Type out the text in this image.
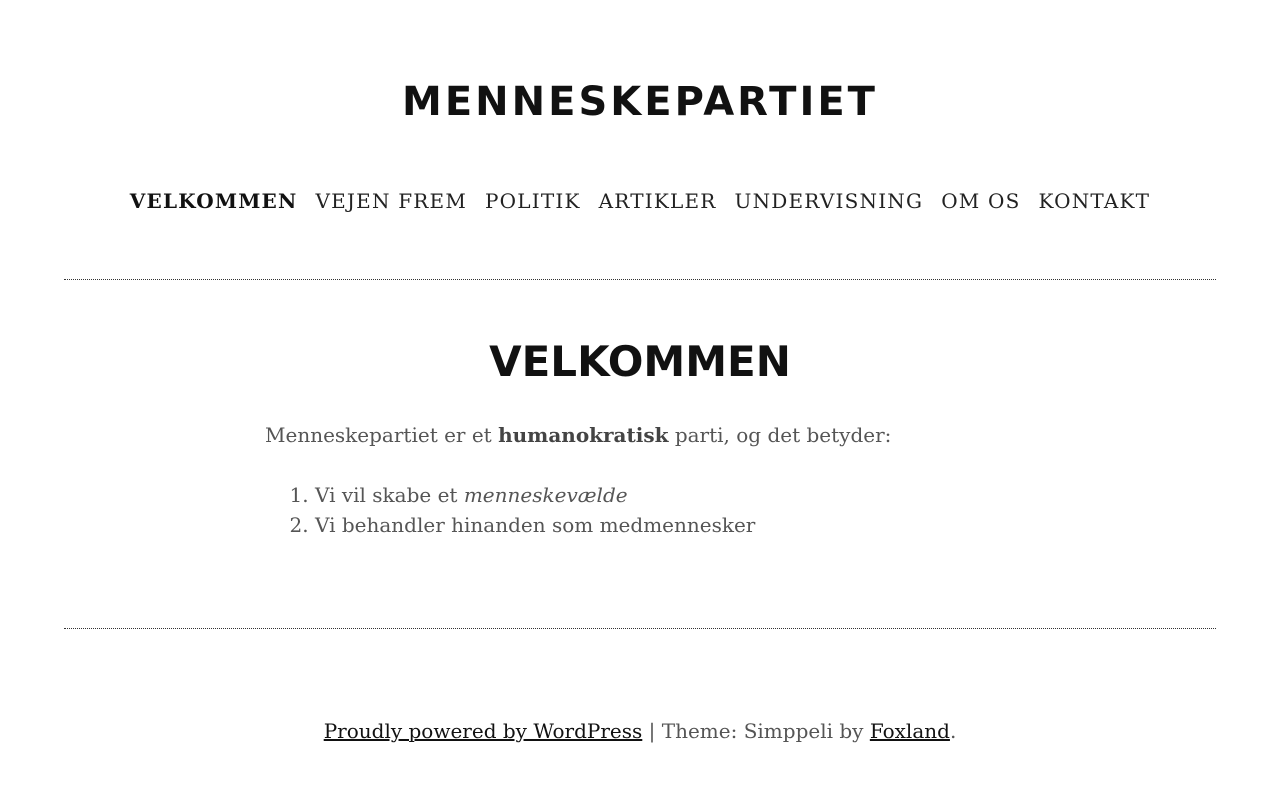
MENNESKEPARTIET
VELKOMMEN VEJEN FREM POLITIK ARTIKLER UNDERVISNING OM OS KONTAKT
VELKOMMEN

Menneskepartiet er et humanokratisk parti, og det betyder:

1. Vi vil skabe et menneskevælde
2. Vi behandler hinanden som medmennesker
Proudly powered by WordPress | Theme: Simppeli by Foxland.
